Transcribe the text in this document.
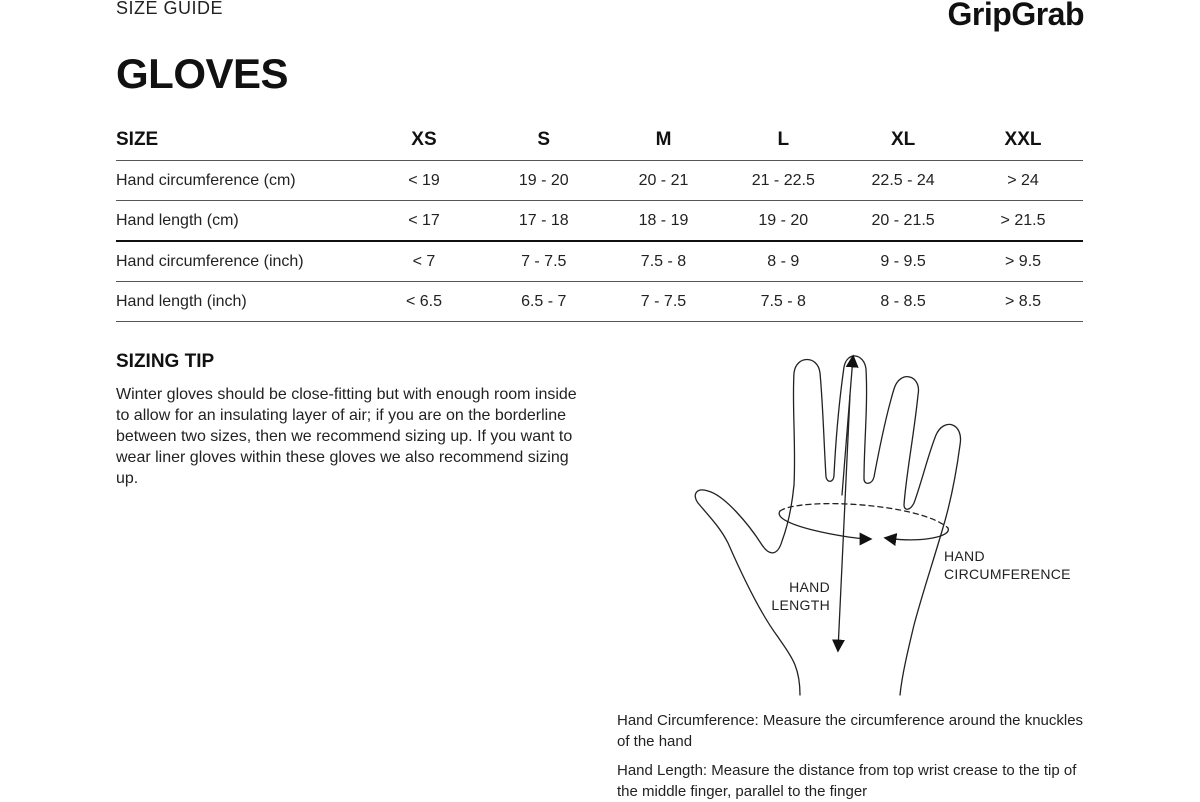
SIZE GUIDE	GripGrab
GLOVES
SIZE	XS	S	M	L	XL	XXL
Hand circumference (cm)	< 19	19 - 20	20 - 21	21 - 22.5	22.5 - 24	> 24
Hand length (cm)	< 17	17 - 18	18 - 19	19 - 20	20 - 21.5	> 21.5
Hand circumference (inch)	< 7	7 - 7.5	7.5 - 8	8 - 9	9 - 9.5	> 9.5
Hand length (inch)	< 6.5	6.5 - 7	7 - 7.5	7.5 - 8	8 - 8.5	> 8.5
SIZING TIP
Winter gloves should be close-fitting but with enough room inside to allow for an insulating layer of air; if you are on the borderline between two sizes, then we recommend sizing up. If you want to wear liner gloves within these gloves we also recommend sizing up.
HAND
LENGTH
HAND
CIRCUMFERENCE
Hand Circumference: Measure the circumference around the knuckles of the hand
Hand Length: Measure the distance from top wrist crease to the tip of the middle finger, parallel to the finger
